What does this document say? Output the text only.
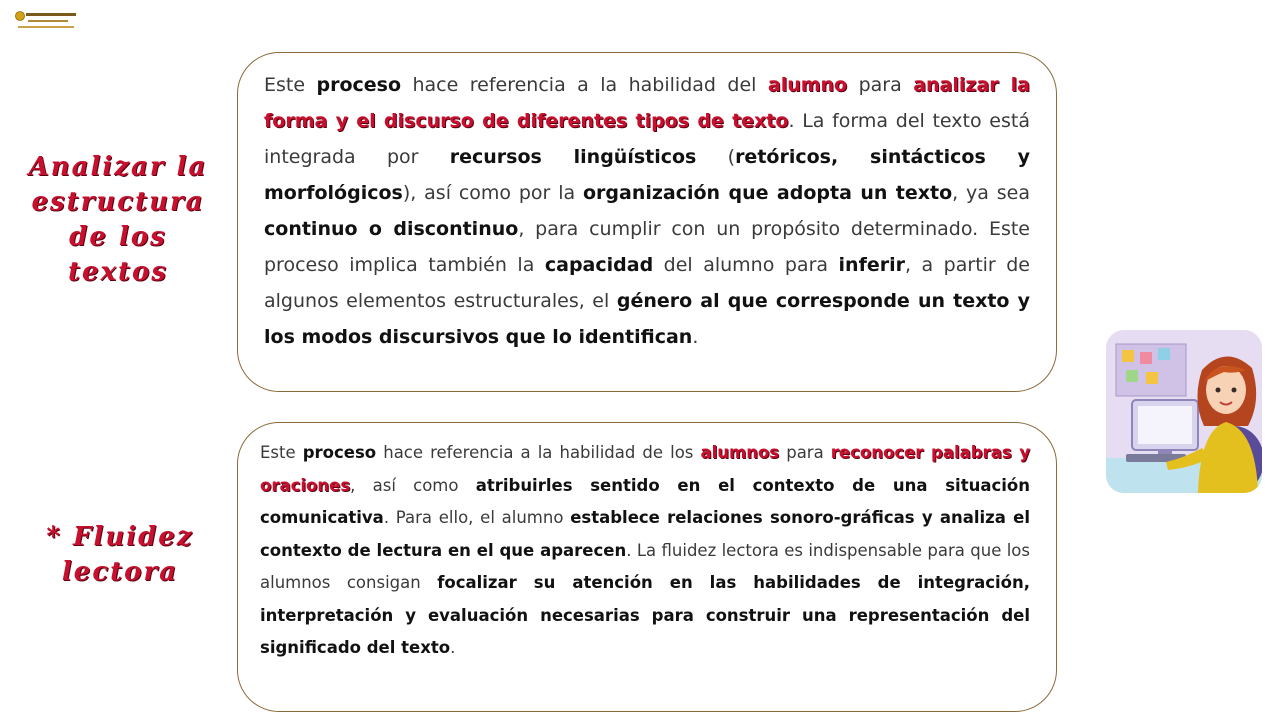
Analizar la
estructura
de los
textos

Este proceso hace referencia a la habilidad del alumno para analizar la forma y el discurso de diferentes tipos de texto. La forma del texto está integrada por recursos lingüísticos (retóricos, sintácticos y morfológicos), así como por la organización que adopta un texto, ya sea continuo o discontinuo, para cumplir con un propósito determinado. Este proceso implica también la capacidad del alumno para inferir, a partir de algunos elementos estructurales, el género al que corresponde un texto y los modos discursivos que lo identifican.

* Fluidez
lectora

Este proceso hace referencia a la habilidad de los alumnos para reconocer palabras y oraciones, así como atribuirles sentido en el contexto de una situación comunicativa. Para ello, el alumno establece relaciones sonoro-gráficas y analiza el contexto de lectura en el que aparecen. La fluidez lectora es indispensable para que los alumnos consigan focalizar su atención en las habilidades de integración, interpretación y evaluación necesarias para construir una representación del significado del texto.
